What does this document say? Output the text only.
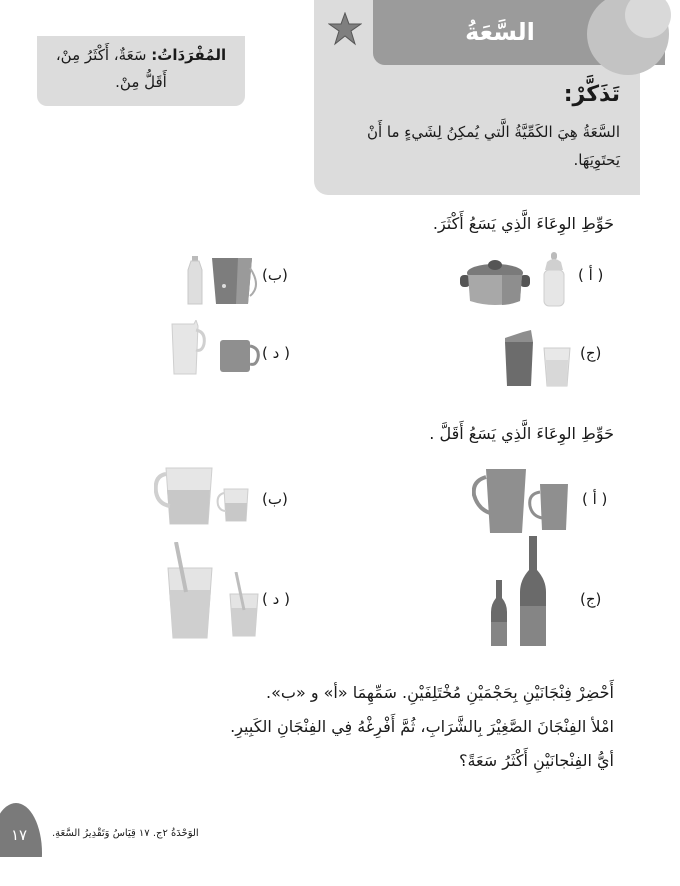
المُفْرَدَاتُ: سَعَةٌ، أَكْثَرُ مِنْ،
أَقَلُّ مِنْ.
السَّعَةُ
تَذَكَّرْ:
السَّعَةُ هِيَ الكَمِّيَّةُ الَّتي يُمكِنُ لِشَيءٍ ما أَنْ يَحتَوِيَهَا.
حَوِّطِ الوِعَاءَ الَّذِي يَسَعُ أَكْثَرَ.
( أ )
(ب)
(ج)
( د )
حَوِّطِ الوِعَاءَ الَّذِي يَسَعُ أَقَلَّ .
( أ )
(ب)
(ج)
( د )
أَحْضِرْ فِنْجَانَيْنِ بِحَجْمَيْنِ مُخْتَلِفَيْنِ. سَمِّهِمَا «أ» و «ب».
امْلأ الفِنْجَانَ الصَّغِيْرَ بِالشَّرَابِ، ثُمَّ أَفْرِغْهُ فِي الفِنْجَانِ الكَبِيرِ.
أيُّ الفِنْجانَيْنِ أَكْثَرُ سَعَةً؟
١٧	الوَحْدَةُ ٢ج. ١٧ قِيَاسُ وَتَقْدِيرُ السَّعَةِ.
